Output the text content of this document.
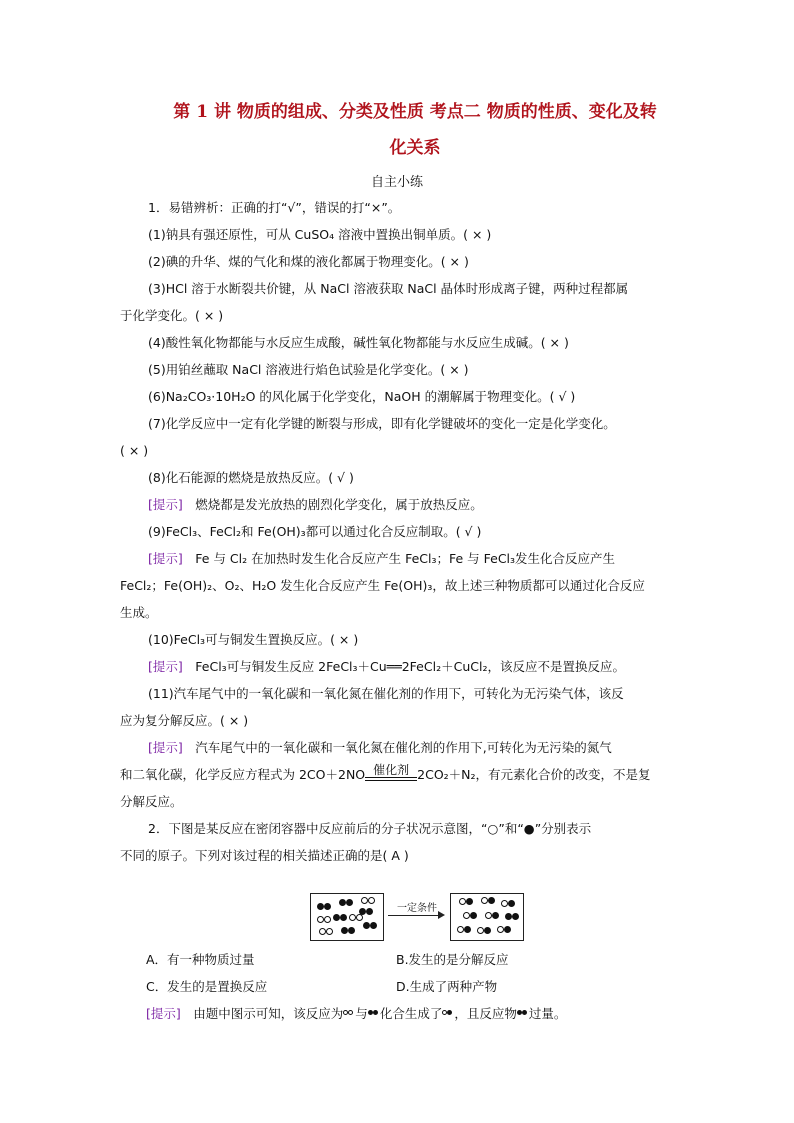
第 1 讲 物质的组成、分类及性质 考点二 物质的性质、变化及转
化关系
自主小练
1．易错辨析：正确的打“√”，错误的打“×”。
(1)钠具有强还原性，可从 CuSO₄ 溶液中置换出铜单质。( × )
(2)碘的升华、煤的气化和煤的液化都属于物理变化。( × )
(3)HCl 溶于水断裂共价键，从 NaCl 溶液获取 NaCl 晶体时形成离子键，两种过程都属
于化学变化。( × )
(4)酸性氧化物都能与水反应生成酸，碱性氧化物都能与水反应生成碱。( × )
(5)用铂丝蘸取 NaCl 溶液进行焰色试验是化学变化。( × )
(6)Na₂CO₃·10H₂O 的风化属于化学变化，NaOH 的潮解属于物理变化。( √ )
(7)化学反应中一定有化学键的断裂与形成，即有化学键破坏的变化一定是化学变化。
( × )
(8)化石能源的燃烧是放热反应。( √ )
[提示]　 燃烧都是发光放热的剧烈化学变化，属于放热反应。
(9)FeCl₃、FeCl₂和 Fe(OH)₃都可以通过化合反应制取。( √ )
[提示]　 Fe 与 Cl₂ 在加热时发生化合反应产生 FeCl₃；Fe 与 FeCl₃发生化合反应产生
FeCl₂；Fe(OH)₂、O₂、H₂O 发生化合反应产生 Fe(OH)₃，故上述三种物质都可以通过化合反应
生成。
(10)FeCl₃可与铜发生置换反应。( × )
[提示]　 FeCl₃可与铜发生反应 2FeCl₃＋Cu══2FeCl₂＋CuCl₂，该反应不是置换反应。
(11)汽车尾气中的一氧化碳和一氧化氮在催化剂的作用下，可转化为无污染气体，该反
应为复分解反应。( × )
[提示]　 汽车尾气中的一氧化碳和一氧化氮在催化剂的作用下,可转化为无污染的氮气
和二氧化碳，化学反应方程式为 2CO＋2NO 催化剂 2CO₂＋N₂，有元素化合价的改变，不是复
分解反应。
2．下图是某反应在密闭容器中反应前后的分子状况示意图，“○”和“●”分别表示
不同的原子。下列对该过程的相关描述正确的是( A )
一定条件
A．有一种物质过量	B.发生的是分解反应
C．发生的是置换反应	D.生成了两种产物
[提示]　 由题中图示可知，该反应为 与 化合生成了 ，且反应物 过量。
